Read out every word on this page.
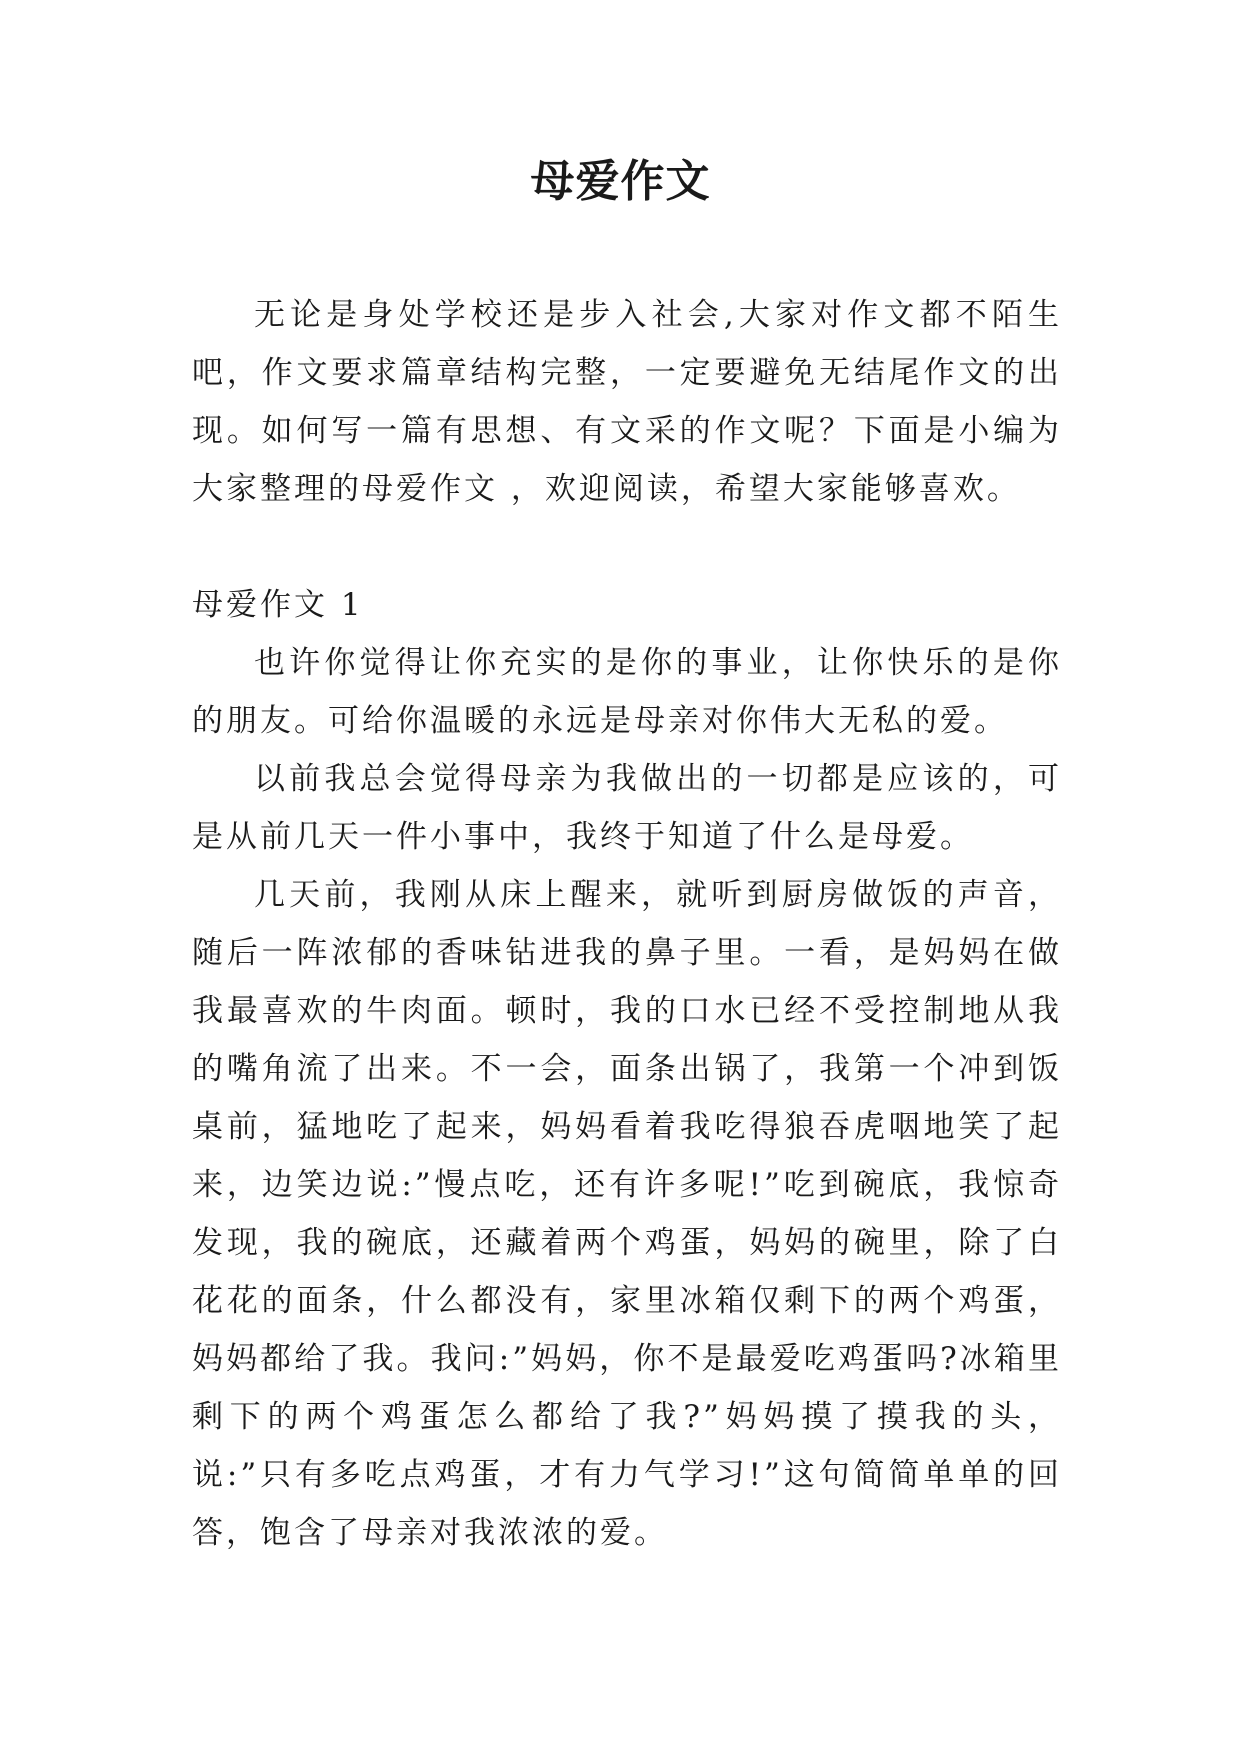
母爱作文

无论是身处学校还是步入社会,大家对作文都不陌生吧，作文要求篇章结构完整，一定要避免无结尾作文的出现。如何写一篇有思想、有文采的作文呢？下面是小编为大家整理的母爱作文 ，欢迎阅读，希望大家能够喜欢。

母爱作文 1

也许你觉得让你充实的是你的事业，让你快乐的是你的朋友。可给你温暖的永远是母亲对你伟大无私的爱。

以前我总会觉得母亲为我做出的一切都是应该的，可是从前几天一件小事中，我终于知道了什么是母爱。

几天前，我刚从床上醒来，就听到厨房做饭的声音，随后一阵浓郁的香味钻进我的鼻子里。一看，是妈妈在做我最喜欢的牛肉面。顿时，我的口水已经不受控制地从我的嘴角流了出来。不一会，面条出锅了，我第一个冲到饭桌前，猛地吃了起来，妈妈看着我吃得狼吞虎咽地笑了起来，边笑边说:”慢点吃，还有许多呢!”吃到碗底，我惊奇发现，我的碗底，还藏着两个鸡蛋，妈妈的碗里，除了白花花的面条，什么都没有，家里冰箱仅剩下的两个鸡蛋，妈妈都给了我。我问:”妈妈，你不是最爱吃鸡蛋吗?冰箱里剩下的两个鸡蛋怎么都给了我?”妈妈摸了摸我的头，说:”只有多吃点鸡蛋，才有力气学习!”这句简简单单的回答，饱含了母亲对我浓浓的爱。
